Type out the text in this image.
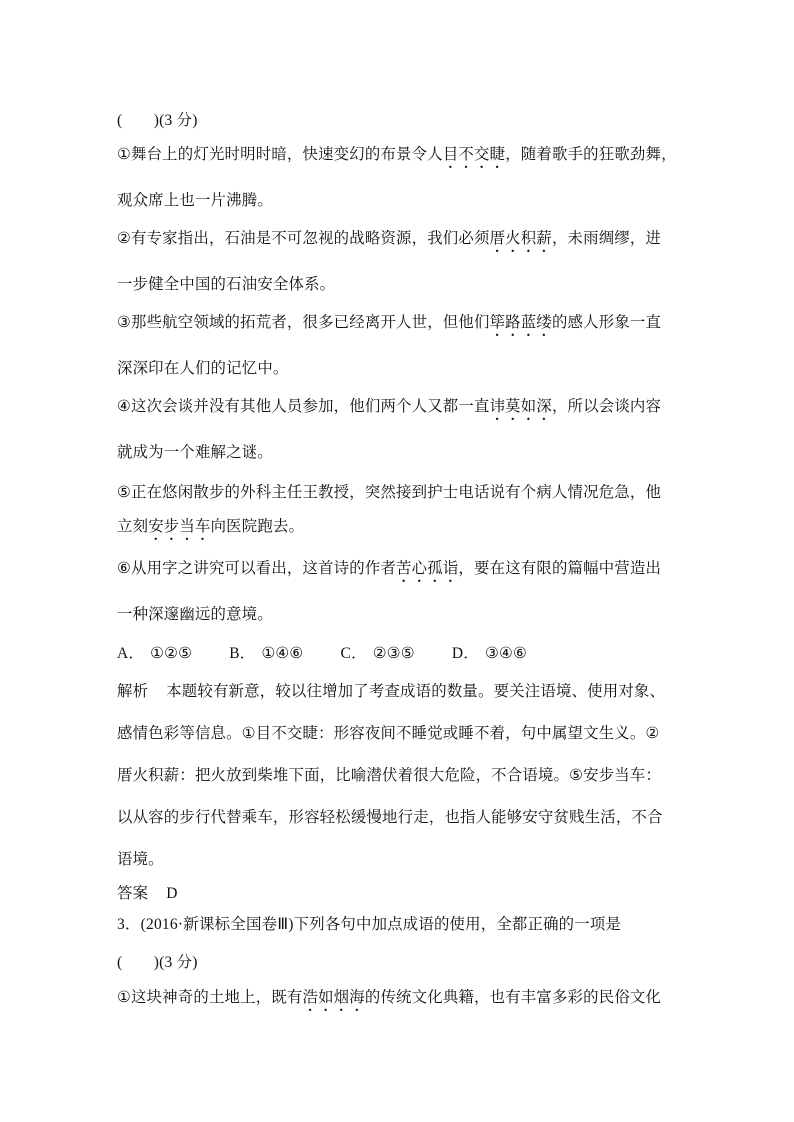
(　　)(3 分)
①舞台上的灯光时明时暗，快速变幻的布景令人目不交睫，随着歌手的狂歌劲舞，
观众席上也一片沸腾。
②有专家指出，石油是不可忽视的战略资源，我们必须厝火积薪，未雨绸缪，进
一步健全中国的石油安全体系。
③那些航空领域的拓荒者，很多已经离开人世，但他们筚路蓝缕的感人形象一直
深深印在人们的记忆中。
④这次会谈并没有其他人员参加，他们两个人又都一直讳莫如深，所以会谈内容
就成为一个难解之谜。
⑤正在悠闲散步的外科主任王教授，突然接到护士电话说有个病人情况危急，他
立刻安步当车向医院跑去。
⑥从用字之讲究可以看出，这首诗的作者苦心孤诣，要在这有限的篇幅中营造出
一种深邃幽远的意境。
A． ①②⑤ B． ①④⑥ C． ②③⑤ D． ③④⑥
解析 本题较有新意，较以往增加了考查成语的数量。要关注语境、使用对象、
感情色彩等信息。①目不交睫：形容夜间不睡觉或睡不着，句中属望文生义。②
厝火积薪：把火放到柴堆下面，比喻潜伏着很大危险，不合语境。⑤安步当车：
以从容的步行代替乘车，形容轻松缓慢地行走，也指人能够安守贫贱生活，不合
语境。
答案 D
3．(2016·新课标全国卷Ⅲ)下列各句中加点成语的使用，全都正确的一项是
(　　)(3 分)
①这块神奇的土地上，既有浩如烟海的传统文化典籍，也有丰富多彩的民俗文化
